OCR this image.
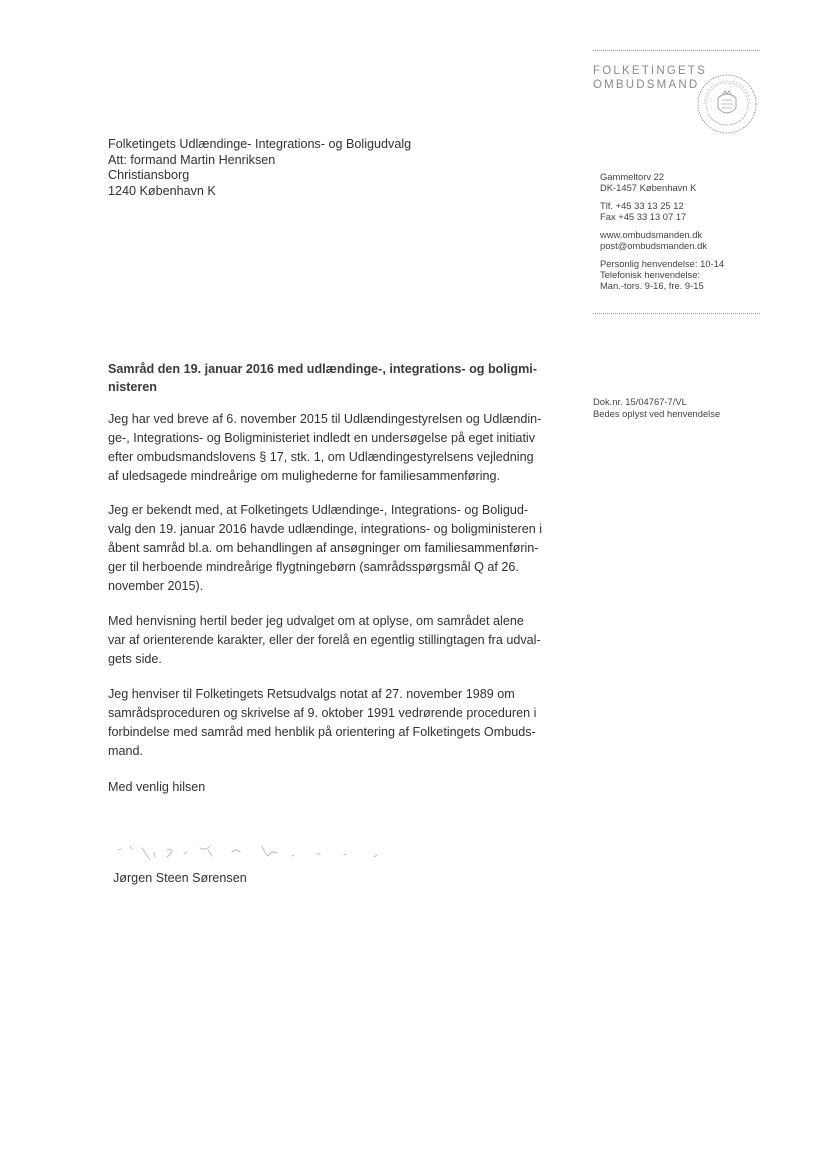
FOLKETINGETS
OMBUDSMAND
Folketingets Udlændinge- Integrations- og Boligudvalg
Att: formand Martin Henriksen
Christiansborg
1240 København K
Gammeltorv 22
DK-1457 København K
Tlf. +45 33 13 25 12
Fax +45 33 13 07 17
www.ombudsmanden.dk
post@ombudsmanden.dk
Personlig henvendelse: 10-14
Telefonisk henvendelse:
Man.-tors. 9-16, fre. 9-15
Samråd den 19. januar 2016 med udlændinge-, integrations- og boligmi-
nisteren
Dok.nr. 15/04767-7/VL
Bedes oplyst ved henvendelse
Jeg har ved breve af 6. november 2015 til Udlændingestyrelsen og Udlændin-
ge-, Integrations- og Boligministeriet indledt en undersøgelse på eget initiativ
efter ombudsmandslovens § 17, stk. 1, om Udlændingestyrelsens vejledning
af uledsagede mindreårige om mulighederne for familiesammenføring.
Jeg er bekendt med, at Folketingets Udlændinge-, Integrations- og Boligud-
valg den 19. januar 2016 havde udlændinge, integrations- og boligministeren i
åbent samråd bl.a. om behandlingen af ansøgninger om familiesammenførin-
ger til herboende mindreårige flygtningebørn (samrådsspørgsmål Q af 26.
november 2015).
Med henvisning hertil beder jeg udvalget om at oplyse, om samrådet alene
var af orienterende karakter, eller der forelå en egentlig stillingtagen fra udval-
gets side.
Jeg henviser til Folketingets Retsudvalgs notat af 27. november 1989 om
samrådsproceduren og skrivelse af 9. oktober 1991 vedrørende proceduren i
forbindelse med samråd med henblik på orientering af Folketingets Ombuds-
mand.
Med venlig hilsen
Jørgen Steen Sørensen
